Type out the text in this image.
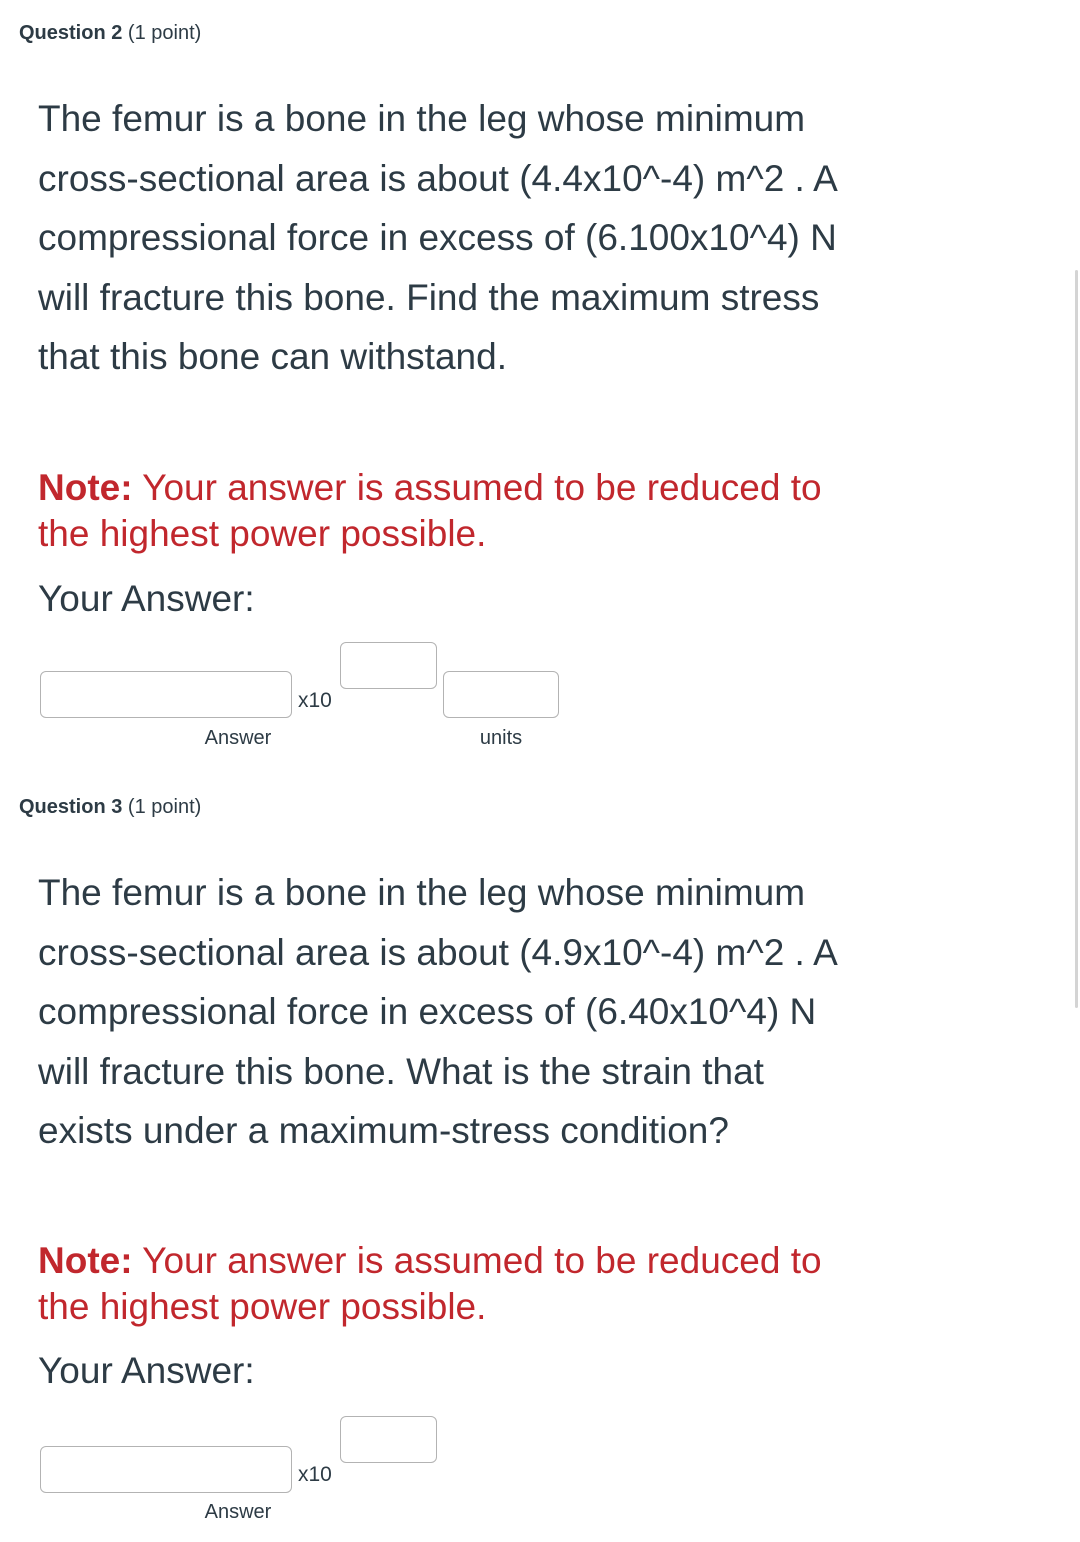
Question 2 (1 point)
The femur is a bone in the leg whose minimum cross-sectional area is about (4.4x10^-4) m^2 . A compressional force in excess of (6.100x10^4) N will fracture this bone. Find the maximum stress that this bone can withstand.
Note: Your answer is assumed to be reduced to the highest power possible.
Your Answer:
x10
Answer	units
Question 3 (1 point)
The femur is a bone in the leg whose minimum cross-sectional area is about (4.9x10^-4) m^2 . A compressional force in excess of (6.40x10^4) N will fracture this bone. What is the strain that exists under a maximum-stress condition?
Note: Your answer is assumed to be reduced to the highest power possible.
Your Answer:
x10
Answer
